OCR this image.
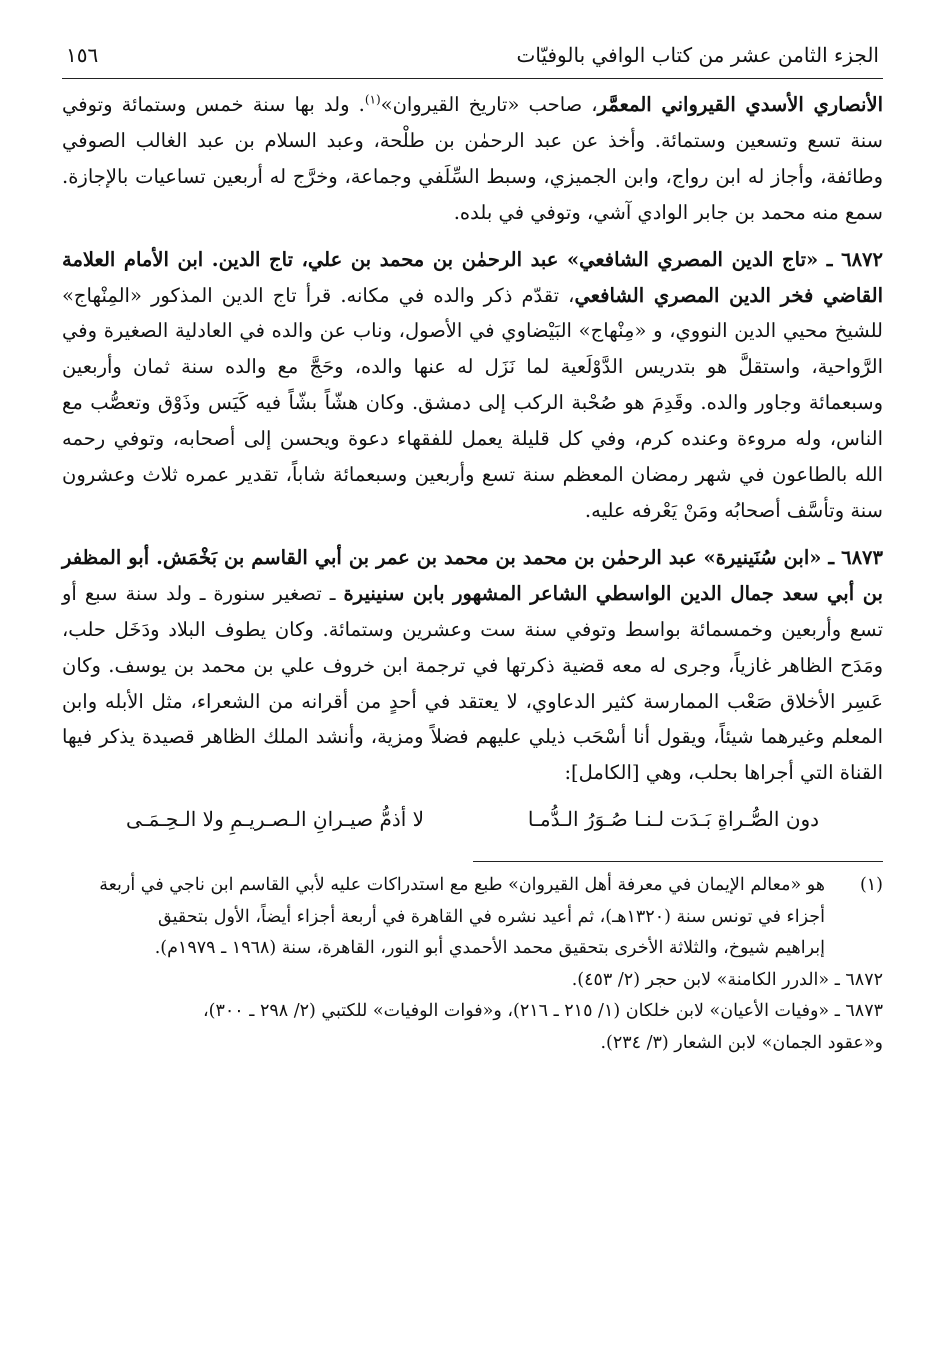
الجزء الثامن عشر من كتاب الوافي بالوفيّات
١٥٦

الأنصاري الأسدي القيرواني المعمَّر، صاحب «تاريخ القيروان»$^{(١)}$. ولد بها سنة خمس وستمائة وتوفي سنة تسع وتسعين وستمائة. وأخذ عن عبد الرحمٰن بن طلْحة، وعبد السلام بن عبد الغالب الصوفي وطائفة، وأجاز له ابن رواج، وابن الجميزي، وسبط السِّلَفي وجماعة، وخرَّج له أربعين تساعيات بالإجازة. سمع منه محمد بن جابر الوادي آشي، وتوفي في بلده.

٦٨٧٢ ـ «تاج الدين المصري الشافعي» عبد الرحمٰن بن محمد بن علي، تاج الدين. ابن الأمام العلامة القاضي فخر الدين المصري الشافعي، تقدّم ذكر والده في مكانه. قرأ تاج الدين المذكور «المِنْهاج» للشيخ محيي الدين النووي، و «مِنْهاج» البَيْضاوي في الأصول، وناب عن والده في العادلية الصغيرة وفي الرَّواحية، واستقلَّ هو بتدريس الدَّوْلَعية لما نَزَل له عنها والده، وحَجَّ مع والده سنة ثمان وأربعين وسبعمائة وجاور والده. وقَدِمَ هو صُحْبة الركب إلى دمشق. وكان هشّاً بشّاً فيه كَيَس وذَوْق وتعصُّب مع الناس، وله مروءة وعنده كرم، وفي كل قليلة يعمل للفقهاء دعوة ويحسن إلى أصحابه، وتوفي رحمه الله بالطاعون في شهر رمضان المعظم سنة تسع وأربعين وسبعمائة شاباً، تقدير عمره ثلاث وعشرون سنة وتأسَّف أصحابُه ومَنْ يَعْرفه عليه.

٦٨٧٣ ـ «ابن سُنَينيرة» عبد الرحمٰن بن محمد بن محمد بن عمر بن أبي القاسم بن بَخْمَش. أبو المظفر بن أبي سعد جمال الدين الواسطي الشاعر المشهور بابن سنينيرة ـ تصغير سنورة ـ ولد سنة سبع أو تسع وأربعين وخمسمائة بواسط وتوفي سنة ست وعشرين وستمائة. وكان يطوف البلاد ودَخَل حلب، ومَدَح الظاهر غازياً، وجرى له معه قضية ذكرتها في ترجمة ابن خروف علي بن محمد بن يوسف. وكان عَسِر الأخلاق صَعْب الممارسة كثير الدعاوي، لا يعتقد في أحدٍ من أقرانه من الشعراء، مثل الأبله وابن المعلم وغيرهما شيئاً، ويقول أنا أسْحَب ذيلي عليهم فضلاً ومزية، وأنشد الملك الظاهر قصيدة يذكر فيها القناة التي أجراها بحلب، وهي [الكامل]:

دون الصُّـراةِ بَـدَت لـنـا صُـوَرُ الـدُّمـا
لا أذمُّ صيـرانِ الـصـريـمِ ولا الـحِـمَـى
(١)

هو «معالم الإيمان في معرفة أهل القيروان» طبع مع استدراكات عليه لأبي القاسم ابن ناجي في أربعة

أجزاء في تونس سنة (١٣٢٠هـ)، ثم أعيد نشره في القاهرة في أربعة أجزاء أيضاً، الأول بتحقيق

إبراهيم شيوخ، والثلاثة الأخرى بتحقيق محمد الأحمدي أبو النور، القاهرة، سنة (١٩٦٨ ـ ١٩٧٩م).

٦٨٧٢ ـ «الدرر الكامنة» لابن حجر (٢/ ٤٥٣).

٦٨٧٣ ـ «وفيات الأعيان» لابن خلكان (١/ ٢١٥ ـ ٢١٦)، و«فوات الوفيات» للكتبي (٢/ ٢٩٨ ـ ٣٠٠)،

و«عقود الجمان» لابن الشعار (٣/ ٢٣٤).
